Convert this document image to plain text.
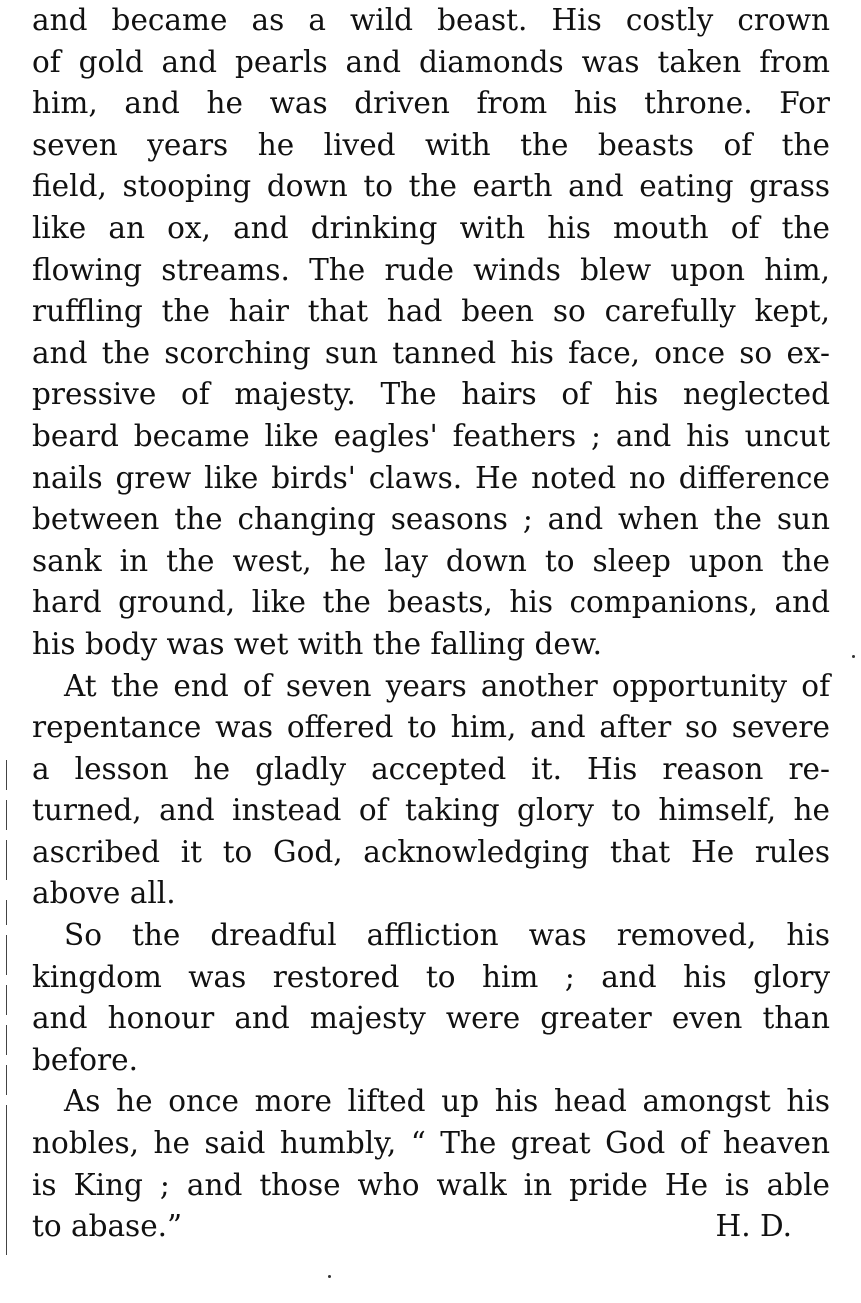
and became as a wild beast. His costly crown
of gold and pearls and diamonds was taken from
him, and he was driven from his throne. For
seven years he lived with the beasts of the
field, stooping down to the earth and eating grass
like an ox, and drinking with his mouth of the
flowing streams. The rude winds blew upon him,
ruffling the hair that had been so carefully kept,
and the scorching sun tanned his face, once so ex-
pressive of majesty. The hairs of his neglected
beard became like eagles' feathers ; and his uncut
nails grew like birds' claws. He noted no difference
between the changing seasons ; and when the sun
sank in the west, he lay down to sleep upon the
hard ground, like the beasts, his companions, and
his body was wet with the falling dew.
At the end of seven years another opportunity of
repentance was offered to him, and after so severe
a lesson he gladly accepted it. His reason re-
turned, and instead of taking glory to himself, he
ascribed it to God, acknowledging that He rules
above all.
So the dreadful affliction was removed, his
kingdom was restored to him ; and his glory
and honour and majesty were greater even than
before.
As he once more lifted up his head amongst his
nobles, he said humbly, “ The great God of heaven
is King ; and those who walk in pride He is able
to abase.”	H. D.
